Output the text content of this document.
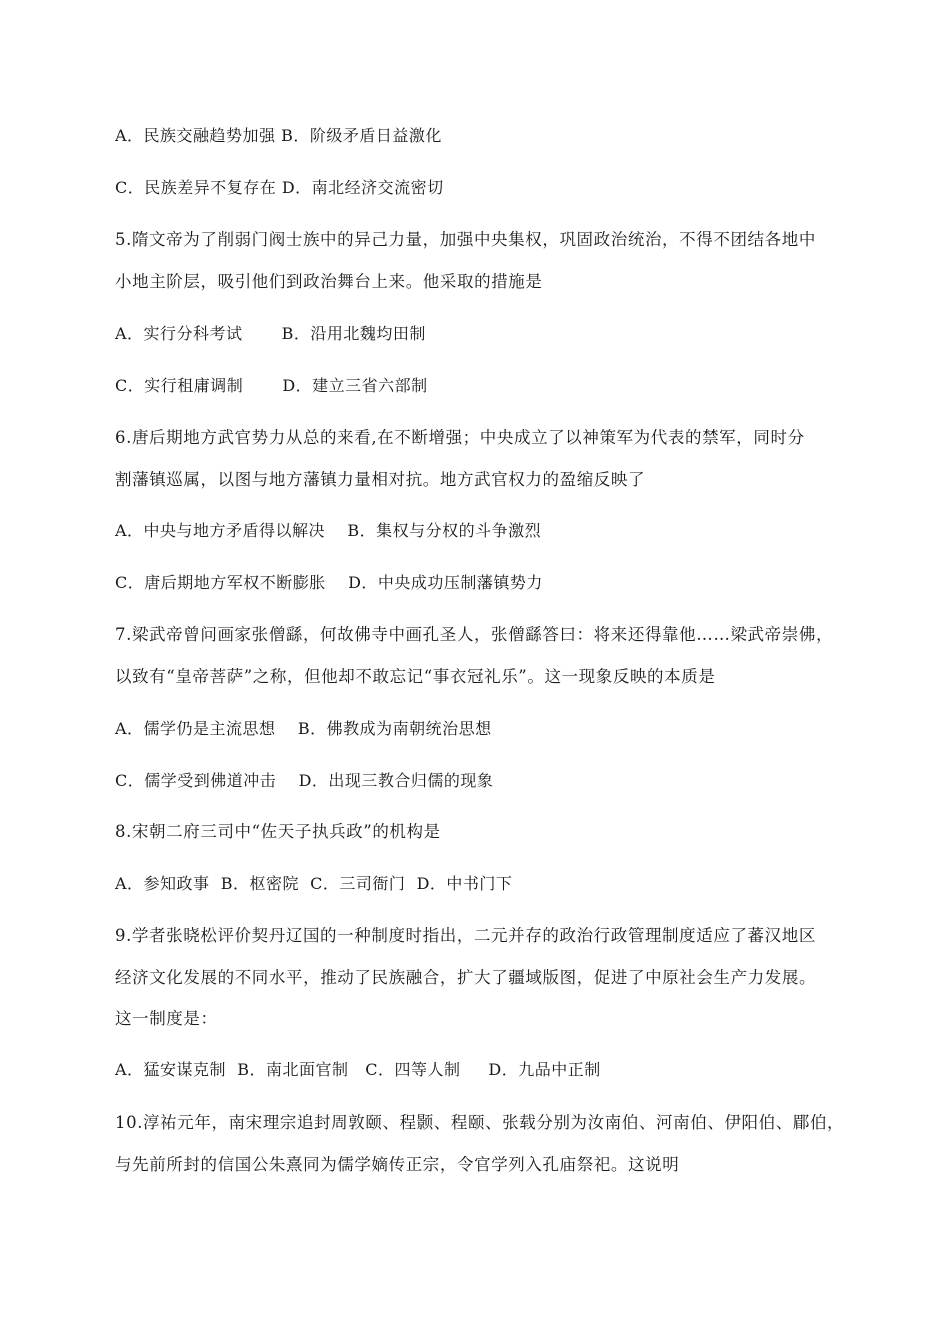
A．民族交融趋势加强 B．阶级矛盾日益激化
C．民族差异不复存在 D．南北经济交流密切
5.隋文帝为了削弱门阀士族中的异己力量，加强中央集权，巩固政治统治，不得不团结各地中
小地主阶层，吸引他们到政治舞台上来。他采取的措施是
A．实行分科考试       B．沿用北魏均田制
C．实行租庸调制       D．建立三省六部制
6.唐后期地方武官势力从总的来看,在不断增强；中央成立了以神策军为代表的禁军，同时分
割藩镇巡属，以图与地方藩镇力量相对抗。地方武官权力的盈缩反映了
A．中央与地方矛盾得以解决    B．集权与分权的斗争激烈
C．唐后期地方军权不断膨胀    D．中央成功压制藩镇势力
7.梁武帝曾问画家张僧繇，何故佛寺中画孔圣人，张僧繇答曰：将来还得靠他……梁武帝崇佛，
以致有“皇帝菩萨”之称，但他却不敢忘记“事衣冠礼乐”。这一现象反映的本质是
A．儒学仍是主流思想    B．佛教成为南朝统治思想
C．儒学受到佛道冲击    D．出现三教合归儒的现象
8.宋朝二府三司中“佐天子执兵政”的机构是
A．参知政事  B．枢密院  C．三司衙门  D．中书门下
9.学者张晓松评价契丹辽国的一种制度时指出，二元并存的政治行政管理制度适应了蕃汉地区
经济文化发展的不同水平，推动了民族融合，扩大了疆域版图，促进了中原社会生产力发展。
这一制度是：
A．猛安谋克制  B．南北面官制   C．四等人制     D．九品中正制
10.淳祐元年，南宋理宗追封周敦颐、程颢、程颐、张载分别为汝南伯、河南伯、伊阳伯、郿伯，
与先前所封的信国公朱熹同为儒学嫡传正宗，令官学列入孔庙祭祀。这说明
